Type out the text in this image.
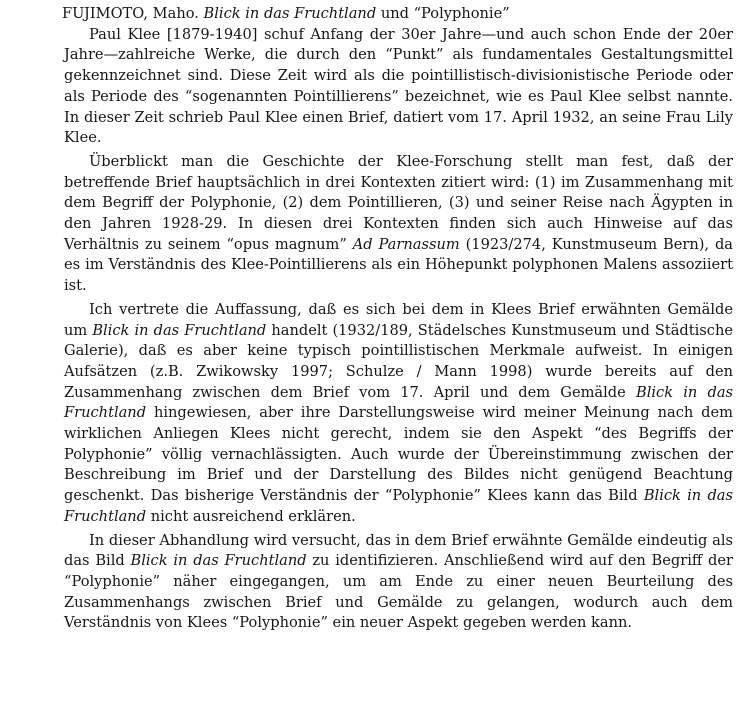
FUJIMOTO, Maho. Blick in das Fruchtland und “Polyphonie”
Paul Klee [1879-1940] schuf Anfang der 30er Jahre—und auch schon Ende der 20er Jahre—zahlreiche Werke, die durch den “Punkt” als fundamentales Gestaltungsmittel gekennzeichnet sind. Diese Zeit wird als die pointillistisch-divisionistische Periode oder als Periode des “sogenannten Pointillierens” bezeichnet, wie es Paul Klee selbst nannte. In dieser Zeit schrieb Paul Klee einen Brief, datiert vom 17. April 1932, an seine Frau Lily Klee.
Überblickt man die Geschichte der Klee-Forschung stellt man fest, daß der betreffende Brief hauptsächlich in drei Kontexten zitiert wird: (1) im Zusammenhang mit dem Begriff der Polyphonie, (2) dem Pointillieren, (3) und seiner Reise nach Ägypten in den Jahren 1928-29. In diesen drei Kontexten finden sich auch Hinweise auf das Verhältnis zu seinem “opus magnum” Ad Parnassum (1923/274, Kunstmuseum Bern), da es im Verständnis des Klee-Pointillierens als ein Höhepunkt polyphonen Malens assoziiert ist.
Ich vertrete die Auffassung, daß es sich bei dem in Klees Brief erwähnten Gemälde um Blick in das Fruchtland handelt (1932/189, Städelsches Kunstmuseum und Städtische Galerie), daß es aber keine typisch pointillistischen Merkmale aufweist. In einigen Aufsätzen (z.B. Zwikowsky 1997; Schulze / Mann 1998) wurde bereits auf den Zusammenhang zwischen dem Brief vom 17. April und dem Gemälde Blick in das Fruchtland hingewiesen, aber ihre Darstellungsweise wird meiner Meinung nach dem wirklichen Anliegen Klees nicht gerecht, indem sie den Aspekt “des Begriffs der Polyphonie” völlig vernachlässigten. Auch wurde der Übereinstimmung zwischen der Beschreibung im Brief und der Darstellung des Bildes nicht genügend Beachtung geschenkt. Das bisherige Verständnis der “Polyphonie” Klees kann das Bild Blick in das Fruchtland nicht ausreichend erklären.
In dieser Abhandlung wird versucht, das in dem Brief erwähnte Gemälde eindeutig als das Bild Blick in das Fruchtland zu identifizieren. Anschließend wird auf den Begriff der “Polyphonie” näher eingegangen, um am Ende zu einer neuen Beurteilung des Zusammenhangs zwischen Brief und Gemälde zu gelangen, wodurch auch dem Verständnis von Klees “Polyphonie” ein neuer Aspekt gegeben werden kann.
